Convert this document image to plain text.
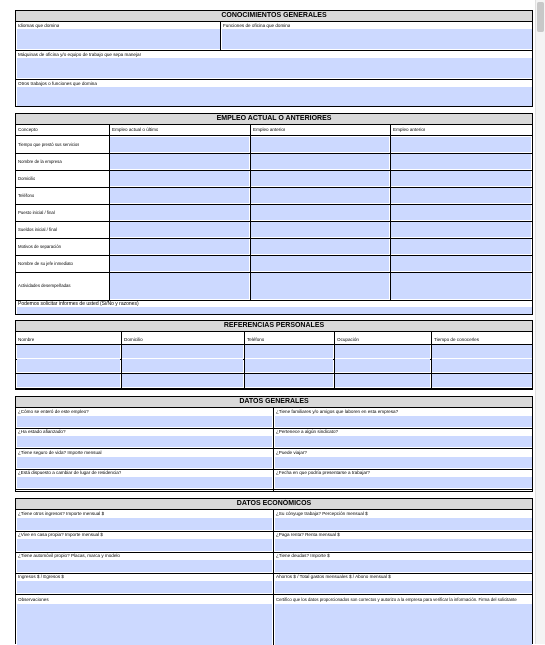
CONOCIMIENTOS GENERALES
Idiomas que domina	Funciones de oficina que domina
Máquinas de oficina y/o equipo de trabajo que sepa manejar
Otros trabajos o funciones que domina
EMPLEO ACTUAL O ANTERIORES
Concepto	Empleo actual o último	Empleo anterior	Empleo anterior
Tiempo que prestó sus servicios
Nombre de la empresa
Domicilio
Teléfono
Puesto inicial / final
Sueldos inicial / final
Motivos de separación
Nombre de su jefe inmediato
Actividades desempeñadas
Podemos solicitar informes de usted (Si/No y razones)
REFERENCIAS PERSONALES
Nombre	Domicilio	Teléfono	Ocupación	Tiempo de conocerles
DATOS GENERALES
¿Cómo se enteró de este empleo?	¿Tiene familiares y/o amigos que laboren en esta empresa?
¿Ha estado afianzado?	¿Pertenece a algún sindicato?
¿Tiene seguro de vida? Importe mensual	¿Puede viajar?
¿Está dispuesto a cambiar de lugar de residencia?	¿Fecha en que podría presentarse a trabajar?
DATOS ECONÓMICOS
¿Tiene otros ingresos? Importe mensual $	¿Su cónyuge trabaja? Percepción mensual $
¿Vive en casa propia? Importe mensual $	¿Paga renta? Renta mensual $
¿Tiene automóvil propio? Placas, marca y modelo	¿Tiene deudas? Importe $
Ingresos $ / Egresos $	Ahorros $ / Total gastos mensuales $ / Abono mensual $
Observaciones	Certifico que los datos proporcionados son correctos y autorizo a la empresa para verificar la información. Firma del solicitante
